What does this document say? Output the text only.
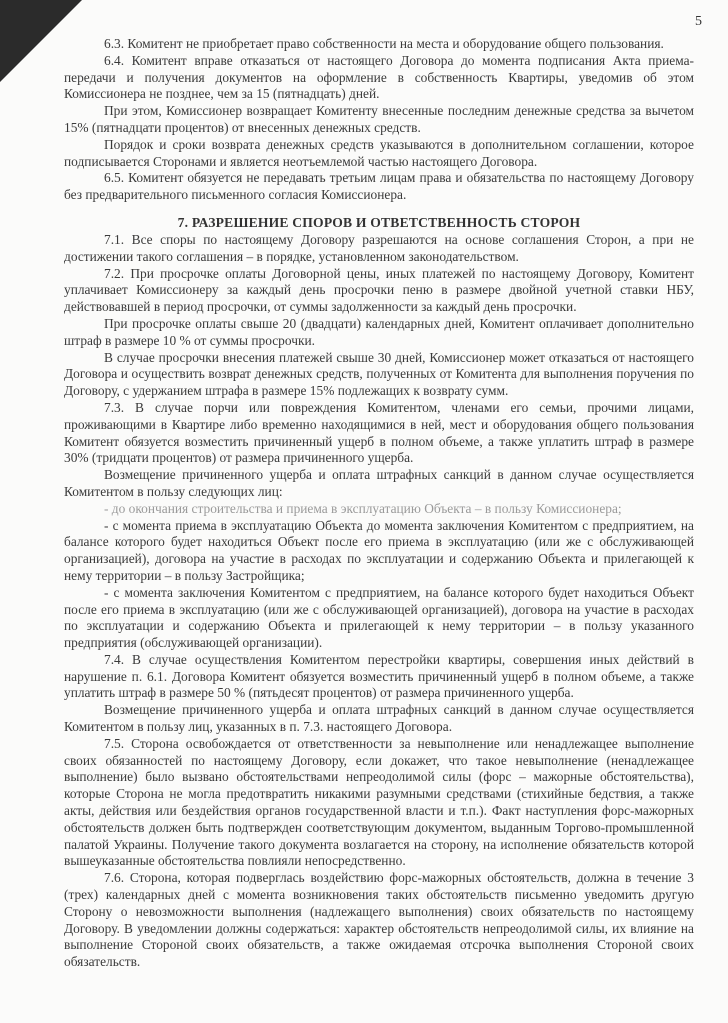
5

6.3. Комитент не приобретает право собственности на места и оборудование общего пользования.

6.4. Комитент вправе отказаться от настоящего Договора до момента подписания Акта приема-передачи и получения документов на оформление в собственность Квартиры, уведомив об этом Комиссионера не позднее, чем за 15 (пятнадцать) дней.

При этом, Комиссионер возвращает Комитенту внесенные последним денежные средства за вычетом 15% (пятнадцати процентов) от внесенных денежных средств.

Порядок и сроки возврата денежных средств указываются в дополнительном соглашении, которое подписывается Сторонами и является неотъемлемой частью настоящего Договора.

6.5. Комитент обязуется не передавать третьим лицам права и обязательства по настоящему Договору без предварительного письменного согласия Комиссионера.

7. РАЗРЕШЕНИЕ СПОРОВ И ОТВЕТСТВЕННОСТЬ СТОРОН

7.1. Все споры по настоящему Договору разрешаются на основе соглашения Сторон, а при не достижении такого соглашения – в порядке, установленном законодательством.

7.2. При просрочке оплаты Договорной цены, иных платежей по настоящему Договору, Комитент уплачивает Комиссионеру за каждый день просрочки пеню в размере двойной учетной ставки НБУ, действовавшей в период просрочки, от суммы задолженности за каждый день просрочки.

При просрочке оплаты свыше 20 (двадцати) календарных дней, Комитент оплачивает дополнительно штраф в размере 10 % от суммы просрочки.

В случае просрочки внесения платежей свыше 30 дней, Комиссионер может отказаться от настоящего Договора и осуществить возврат денежных средств, полученных от Комитента для выполнения поручения по Договору, с удержанием штрафа в размере 15% подлежащих к возврату сумм.

7.3. В случае порчи или повреждения Комитентом, членами его семьи, прочими лицами, проживающими в Квартире либо временно находящимися в ней, мест и оборудования общего пользования Комитент обязуется возместить причиненный ущерб в полном объеме, а также уплатить штраф в размере 30% (тридцати процентов) от размера причиненного ущерба.

Возмещение причиненного ущерба и оплата штрафных санкций в данном случае осуществляется Комитентом в пользу следующих лиц:

- до окончания строительства и приема в эксплуатацию Объекта – в пользу Комиссионера;

- с момента приема в эксплуатацию Объекта до момента заключения Комитентом с предприятием, на балансе которого будет находиться Объект после его приема в эксплуатацию (или же с обслуживающей организацией), договора на участие в расходах по эксплуатации и содержанию Объекта и прилегающей к нему территории – в пользу Застройщика;

- с момента заключения Комитентом с предприятием, на балансе которого будет находиться Объект после его приема в эксплуатацию (или же с обслуживающей организацией), договора на участие в расходах по эксплуатации и содержанию Объекта и прилегающей к нему территории – в пользу указанного предприятия (обслуживающей организации).

7.4. В случае осуществления Комитентом перестройки квартиры, совершения иных действий в нарушение п. 6.1. Договора Комитент обязуется возместить причиненный ущерб в полном объеме, а также уплатить штраф в размере 50 % (пятьдесят процентов) от размера причиненного ущерба.

Возмещение причиненного ущерба и оплата штрафных санкций в данном случае осуществляется Комитентом в пользу лиц, указанных в п. 7.3. настоящего Договора.

7.5. Сторона освобождается от ответственности за невыполнение или ненадлежащее выполнение своих обязанностей по настоящему Договору, если докажет, что такое невыполнение (ненадлежащее выполнение) было вызвано обстоятельствами непреодолимой силы (форс – мажорные обстоятельства), которые Сторона не могла предотвратить никакими разумными средствами (стихийные бедствия, а также акты, действия или бездействия органов государственной власти и т.п.). Факт наступления форс-мажорных обстоятельств должен быть подтвержден соответствующим документом, выданным Торгово-промышленной палатой Украины. Получение такого документа возлагается на сторону, на исполнение обязательств которой вышеуказанные обстоятельства повлияли непосредственно.

7.6. Сторона, которая подверглась воздействию форс-мажорных обстоятельств, должна в течение 3 (трех) календарных дней с момента возникновения таких обстоятельств письменно уведомить другую Сторону о невозможности выполнения (надлежащего выполнения) своих обязательств по настоящему Договору. В уведомлении должны содержаться: характер обстоятельств непреодолимой силы, их влияние на выполнение Стороной своих обязательств, а также ожидаемая отсрочка выполнения Стороной своих обязательств.
